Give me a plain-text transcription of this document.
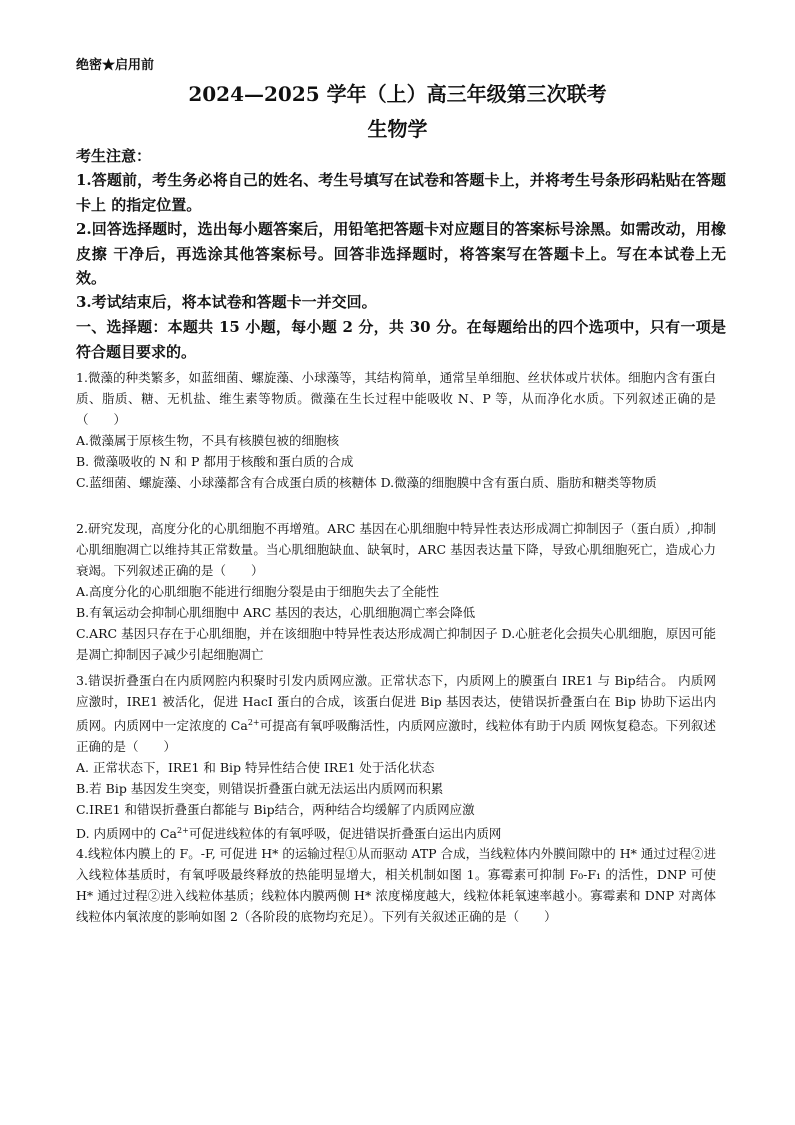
绝密★启用前
2024—2025 学年（上）高三年级第三次联考
生物学
考生注意：

1.答题前，考生务必将自己的姓名、考生号填写在试卷和答题卡上，并将考生号条形码粘贴在答题卡上 的指定位置。

2.回答选择题时，选出每小题答案后，用铅笔把答题卡对应题目的答案标号涂黑。如需改动，用橡皮擦 干净后，再选涂其他答案标号。回答非选择题时，将答案写在答题卡上。写在本试卷上无效。

3.考试结束后，将本试卷和答题卡一并交回。

一、选择题：本题共 15 小题，每小题 2 分，共 30 分。在每题给出的四个选项中，只有一项是符合题目要求的。

1.微藻的种类繁多，如蓝细菌、螺旋藻、小球藻等，其结构简单，通常呈单细胞、丝状体或片状体。细胞内含有蛋白质、脂质、糖、无机盐、维生素等物质。微藻在生长过程中能吸收 N、P 等，从而净化水质。下列叙述正确的是（　　）
A.微藻属于原核生物，不具有核膜包被的细胞核
B. 微藻吸收的 N 和 P 都用于核酸和蛋白质的合成
C.蓝细菌、螺旋藻、小球藻都含有合成蛋白质的核糖体 D.微藻的细胞膜中含有蛋白质、脂肪和糖类等物质
2.研究发现，高度分化的心肌细胞不再增殖。ARC 基因在心肌细胞中特异性表达形成凋亡抑制因子（蛋白质）,抑制心肌细胞凋亡以维持其正常数量。当心肌细胞缺血、缺氧时，ARC 基因表达量下降，导致心肌细胞死亡，造成心力衰竭。下列叙述正确的是（　　）
A.高度分化的心肌细胞不能进行细胞分裂是由于细胞失去了全能性
B.有氧运动会抑制心肌细胞中 ARC 基因的表达，心肌细胞凋亡率会降低
C.ARC 基因只存在于心肌细胞，并在该细胞中特异性表达形成凋亡抑制因子 D.心脏老化会损失心肌细胞，原因可能是凋亡抑制因子减少引起细胞凋亡
3.错误折叠蛋白在内质网腔内积聚时引发内质网应激。正常状态下，内质网上的膜蛋白 IRE1 与 Bip结合。 内质网应激时，IRE1 被活化，促进 HacI 蛋白的合成，该蛋白促进 Bip 基因表达，使错误折叠蛋白在 Bip 协助下运出内质网。内质网中一定浓度的 $Ca^{2+}$可提高有氧呼吸酶活性，内质网应激时，线粒体有助于内质 网恢复稳态。下列叙述正确的是（　　）
A. 正常状态下，IRE1 和 Bip 特异性结合使 IRE1 处于活化状态
B.若 Bip 基因发生突变，则错误折叠蛋白就无法运出内质网而积累
C.IRE1 和错误折叠蛋白都能与 Bip结合，两种结合均缓解了内质网应激
D. 内质网中的 $Ca^{2+}$可促进线粒体的有氧呼吸，促进错误折叠蛋白运出内质网
4.线粒体内膜上的 F。-F, 可促进 H* 的运输过程①从而驱动 ATP 合成，当线粒体内外膜间隙中的 H* 通过过程②进入线粒体基质时，有氧呼吸最终释放的热能明显增大，相关机制如图 1。寡霉素可抑制 F₀-F₁ 的活性，DNP 可使 H* 通过过程②进入线粒体基质；线粒体内膜两侧 H* 浓度梯度越大，线粒体耗氧速率越小。寡霉素和 DNP 对离体线粒体内氧浓度的影响如图 2（各阶段的底物均充足）。下列有关叙述正确的是（　　）
